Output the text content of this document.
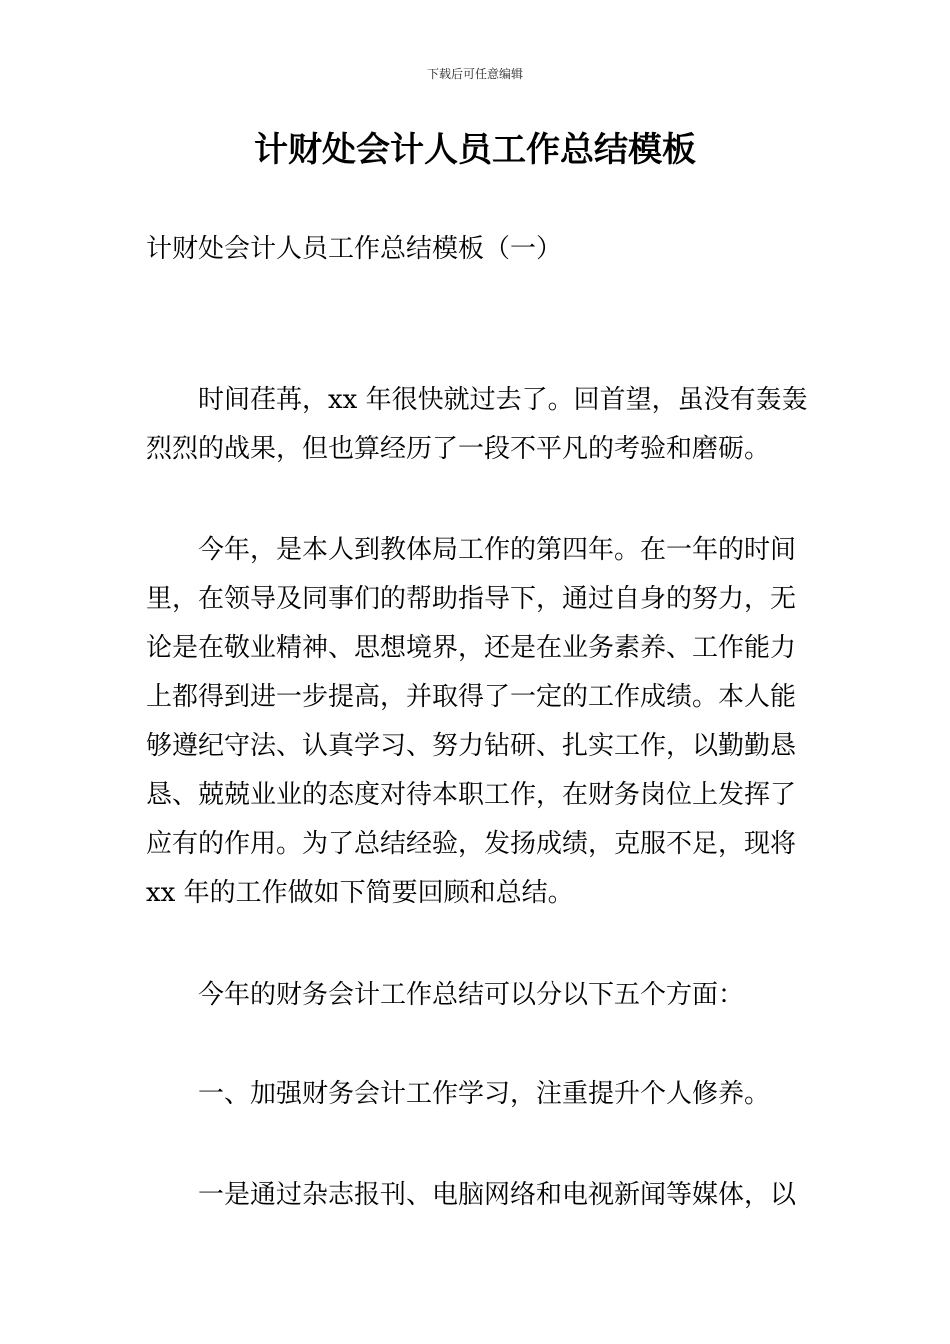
下载后可任意编辑
计财处会计人员工作总结模板
计财处会计人员工作总结模板（一）
时间荏苒，xx 年很快就过去了。回首望，虽没有轰轰
烈烈的战果，但也算经历了一段不平凡的考验和磨砺。
今年，是本人到教体局工作的第四年。在一年的时间
里，在领导及同事们的帮助指导下，通过自身的努力，无
论是在敬业精神、思想境界，还是在业务素养、工作能力
上都得到进一步提高，并取得了一定的工作成绩。本人能
够遵纪守法、认真学习、努力钻研、扎实工作，以勤勤恳
恳、兢兢业业的态度对待本职工作，在财务岗位上发挥了
应有的作用。为了总结经验，发扬成绩，克服不足，现将
xx 年的工作做如下简要回顾和总结。
今年的财务会计工作总结可以分以下五个方面：
一、加强财务会计工作学习，注重提升个人修养。
一是通过杂志报刊、电脑网络和电视新闻等媒体，以
